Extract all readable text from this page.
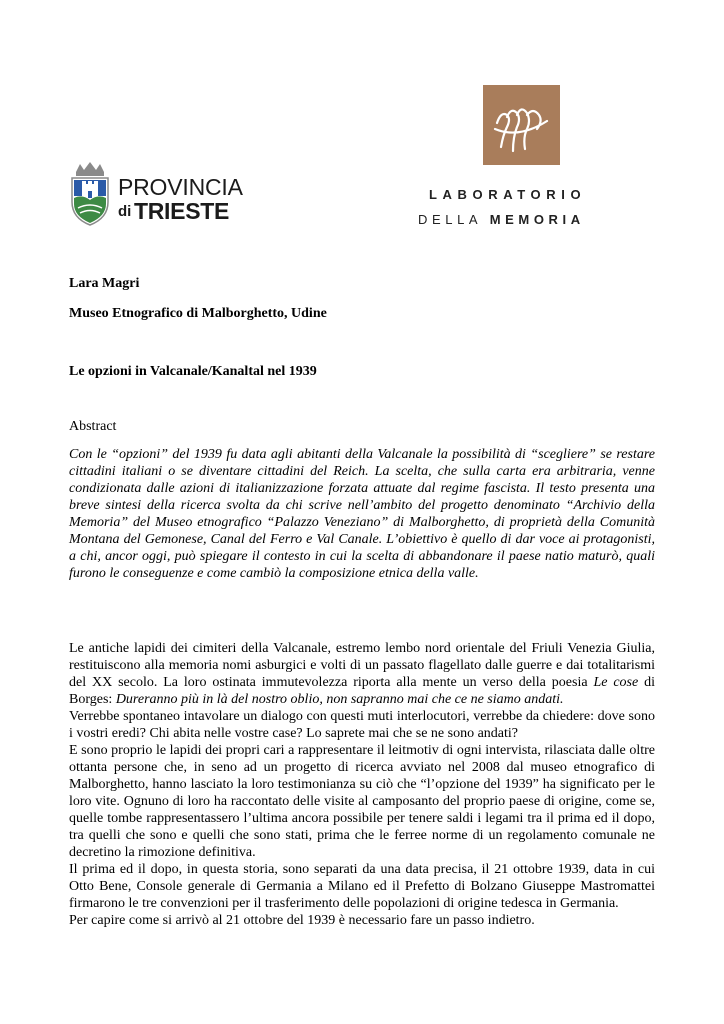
PROVINCIA
di TRIESTE
LABORATORIO
DELLA MEMORIA
Lara Magri
Museo Etnografico di Malborghetto, Udine
Le opzioni in Valcanale/Kanaltal nel 1939
Abstract
Con le “opzioni” del 1939 fu data agli abitanti della Valcanale la possibilità di “scegliere” se restare cittadini italiani o se diventare cittadini del Reich. La scelta, che sulla carta era arbitraria, venne condizionata dalle azioni di italianizzazione forzata attuate dal regime fascista. Il testo presenta una breve sintesi della ricerca svolta da chi scrive nell’ambito del progetto denominato “Archivio della Memoria” del Museo etnografico “Palazzo Veneziano” di Malborghetto, di proprietà della Comunità Montana del Gemonese, Canal del Ferro e Val Canale. L’obiettivo è quello di dar voce ai protagonisti, a chi, ancor oggi, può spiegare il contesto in cui la scelta di abbandonare il paese natio maturò, quali furono le conseguenze e come cambiò la composizione etnica della valle.

Le antiche lapidi dei cimiteri della Valcanale, estremo lembo nord orientale del Friuli Venezia Giulia, restituiscono alla memoria nomi asburgici e volti di un passato flagellato dalle guerre e dai totalitarismi del XX secolo. La loro ostinata immutevolezza riporta alla mente un verso della poesia Le cose di Borges: Dureranno più in là del nostro oblio, non sapranno mai che ce ne siamo andati.

Verrebbe spontaneo intavolare un dialogo con questi muti interlocutori, verrebbe da chiedere: dove sono i vostri eredi? Chi abita nelle vostre case? Lo saprete mai che se ne sono andati?

E sono proprio le lapidi dei propri cari a rappresentare il leitmotiv di ogni intervista, rilasciata dalle oltre ottanta persone che, in seno ad un progetto di ricerca avviato nel 2008 dal museo etnografico di Malborghetto, hanno lasciato la loro testimonianza su ciò che “l’opzione del 1939” ha significato per le loro vite. Ognuno di loro ha raccontato delle visite al camposanto del proprio paese di origine, come se, quelle tombe rappresentassero l’ultima ancora possibile per tenere saldi i legami tra il prima ed il dopo, tra quelli che sono e quelli che sono stati, prima che le ferree norme di un regolamento comunale ne decretino la rimozione definitiva.

Il prima ed il dopo, in questa storia, sono separati da una data precisa, il 21 ottobre 1939, data in cui Otto Bene, Console generale di Germania a Milano ed il Prefetto di Bolzano Giuseppe Mastromattei firmarono le tre convenzioni per il trasferimento delle popolazioni di origine tedesca in Germania.

Per capire come si arrivò al 21 ottobre del 1939 è necessario fare un passo indietro.
